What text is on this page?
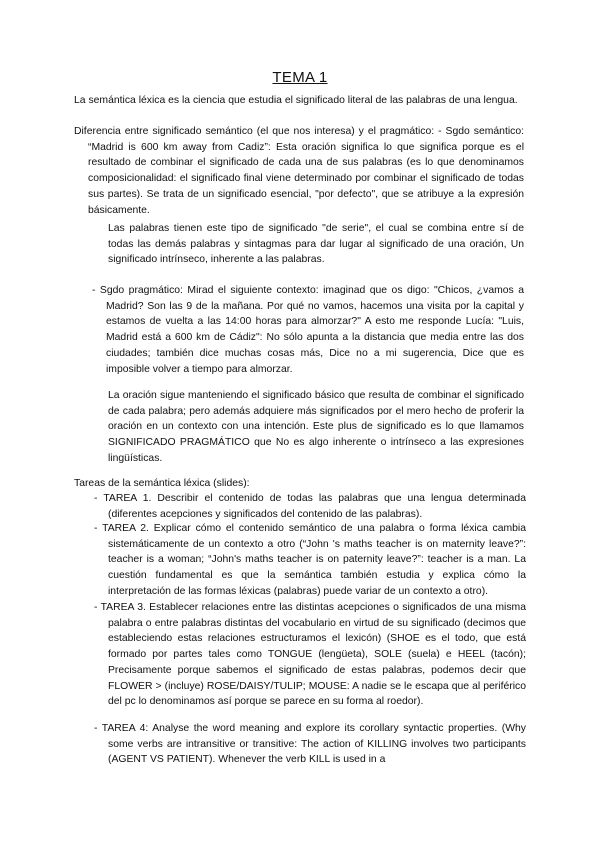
TEMA 1

La semántica léxica es la ciencia que estudia el significado literal de las palabras de una lengua.

Diferencia entre significado semántico (el que nos interesa) y el pragmático: - Sgdo semántico: “Madrid is 600 km away from Cadiz”: Esta oración significa lo que significa porque es el resultado de combinar el significado de cada una de sus palabras (es lo que denominamos composicionalidad: el significado final viene determinado por combinar el significado de todas sus partes). Se trata de un significado esencial, "por defecto", que se atribuye a la expresión básicamente.

Las palabras tienen este tipo de significado "de serie", el cual se combina entre sí de todas las demás palabras y sintagmas para dar lugar al significado de una oración, Un significado intrínseco, inherente a las palabras.

- Sgdo pragmático: Mirad el siguiente contexto: imaginad que os digo: "Chicos, ¿vamos a Madrid? Son las 9 de la mañana. Por qué no vamos, hacemos una visita por la capital y estamos de vuelta a las 14:00 horas para almorzar?" A esto me responde Lucía: "Luis, Madrid está a 600 km de Cádiz": No sólo apunta a la distancia que media entre las dos ciudades; también dice muchas cosas más, Dice no a mi sugerencia, Dice que es imposible volver a tiempo para almorzar.

La oración sigue manteniendo el significado básico que resulta de combinar el significado de cada palabra; pero además adquiere más significados por el mero hecho de proferir la oración en un contexto con una intención. Este plus de significado es lo que llamamos SIGNIFICADO PRAGMÁTICO que No es algo inherente o intrínseco a las expresiones lingüísticas.

Tareas de la semántica léxica (slides):

- TAREA 1. Describir el contenido de todas las palabras que una lengua determinada (diferentes acepciones y significados del contenido de las palabras).

- TAREA 2. Explicar cómo el contenido semántico de una palabra o forma léxica cambia sistemáticamente de un contexto a otro (“John 's maths teacher is on maternity leave?”: teacher is a woman; “John's maths teacher is on paternity leave?”: teacher is a man. La cuestión fundamental es que la semántica también estudia y explica cómo la interpretación de las formas léxicas (palabras) puede variar de un contexto a otro).

- TAREA 3. Establecer relaciones entre las distintas acepciones o significados de una misma palabra o entre palabras distintas del vocabulario en virtud de su significado (decimos que estableciendo estas relaciones estructuramos el lexicón) (SHOE es el todo, que está formado por partes tales como TONGUE (lengüeta), SOLE (suela) e HEEL (tacón); Precisamente porque sabemos el significado de estas palabras, podemos decir que FLOWER > (incluye) ROSE/DAISY/TULIP; MOUSE: A nadie se le escapa que al periférico del pc lo denominamos así porque se parece en su forma al roedor).

- TAREA 4: Analyse the word meaning and explore its corollary syntactic properties. (Why some verbs are intransitive or transitive: The action of KILLING involves two participants (AGENT VS PATIENT). Whenever the verb KILL is used in a
